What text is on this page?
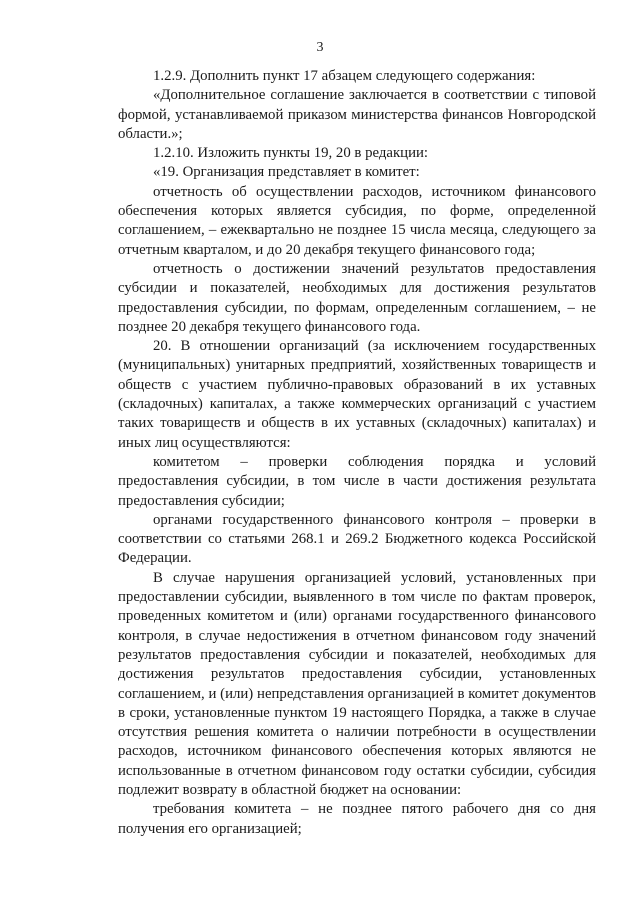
3

1.2.9. Дополнить пункт 17 абзацем следующего содержания:

«Дополнительное соглашение заключается в соответствии с типовой формой, устанавливаемой приказом министерства финансов Новгородской области.»;

1.2.10. Изложить пункты 19, 20 в редакции:

«19. Организация представляет в комитет:

отчетность об осуществлении расходов, источником финансового обеспечения которых является субсидия, по форме, определенной соглашением, – ежеквартально не позднее 15 числа месяца, следующего за отчетным кварталом, и до 20 декабря текущего финансового года;

отчетность о достижении значений результатов предоставления субсидии и показателей, необходимых для достижения результатов предоставления субсидии, по формам, определенным соглашением, – не позднее 20 декабря текущего финансового года.

20. В отношении организаций (за исключением государственных (муниципальных) унитарных предприятий, хозяйственных товариществ и обществ с участием публично-правовых образований в их уставных (складочных) капиталах, а также коммерческих организаций с участием таких товариществ и обществ в их уставных (складочных) капиталах) и иных лиц осуществляются:

комитетом – проверки соблюдения порядка и условий предоставления субсидии, в том числе в части достижения результата предоставления субсидии;

органами государственного финансового контроля – проверки в соответствии со статьями 268.1 и 269.2 Бюджетного кодекса Российской Федерации.

В случае нарушения организацией условий, установленных при предоставлении субсидии, выявленного в том числе по фактам проверок, проведенных комитетом и (или) органами государственного финансового контроля, в случае недостижения в отчетном финансовом году значений результатов предоставления субсидии и показателей, необходимых для достижения результатов предоставления субсидии, установленных соглашением, и (или) непредставления организацией в комитет документов в сроки, установленные пунктом 19 настоящего Порядка, а также в случае отсутствия решения комитета о наличии потребности в осуществлении расходов, источником финансового обеспечения которых являются не использованные в отчетном финансовом году остатки субсидии, субсидия подлежит возврату в областной бюджет на основании:

требования комитета – не позднее пятого рабочего дня со дня получения его организацией;
